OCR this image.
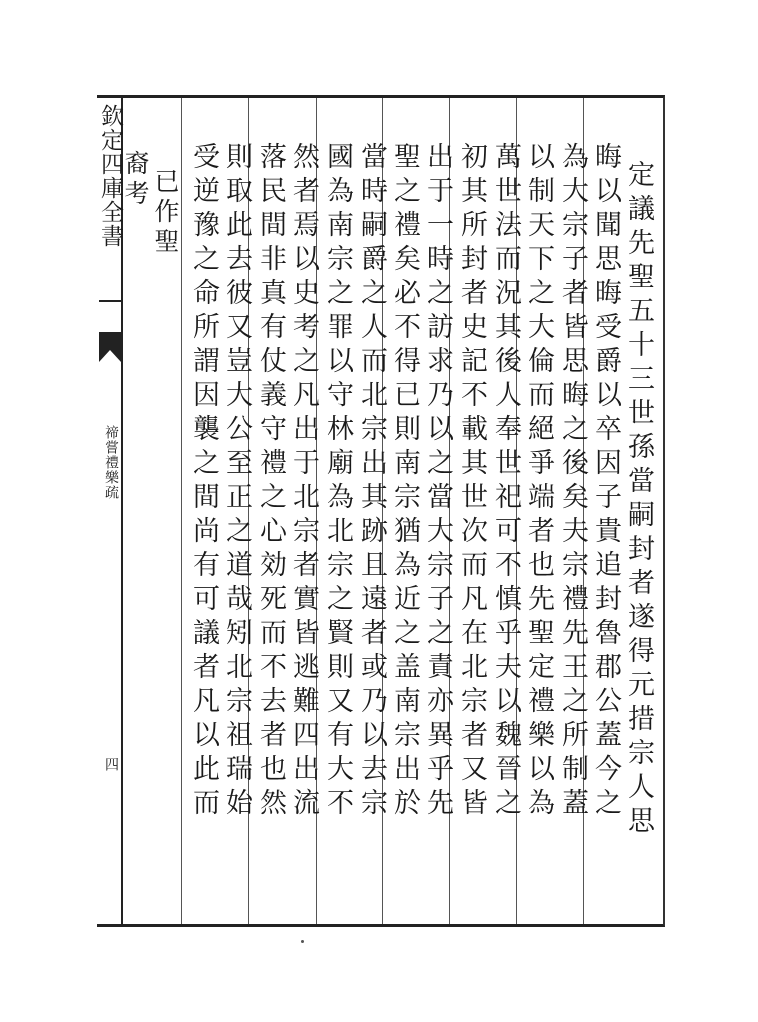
欽定四庫全書
禘嘗禮樂疏
四	定議先聖五十三世孫當嗣封者遂得元措宗人思
晦以聞思晦受爵以卒因子貴追封魯郡公蓋今之
為大宗子者皆思晦之後矣夫宗禮先王之所制蓋
以制天下之大倫而絕爭端者也先聖定禮樂以為
萬世法而況其後人奉世祀可不慎乎夫以魏晉之
初其所封者史記不載其世次而凡在北宗者又皆
出于一時之訪求乃以之當大宗子之責亦異乎先
聖之禮矣必不得已則南宗猶為近之盖南宗出於
當時嗣爵之人而北宗出其跡且遠者或乃以去宗
國為南宗之罪以守林廟為北宗之賢則又有大不
然者焉以史考之凡出于北宗者實皆逃難四出流
落民間非真有仗義守禮之心効死而不去者也然
則取此去彼又豈大公至正之道哉矧北宗祖瑞始
受逆豫之命所謂因襲之間尚有可議者凡以此而
已作聖
裔考
